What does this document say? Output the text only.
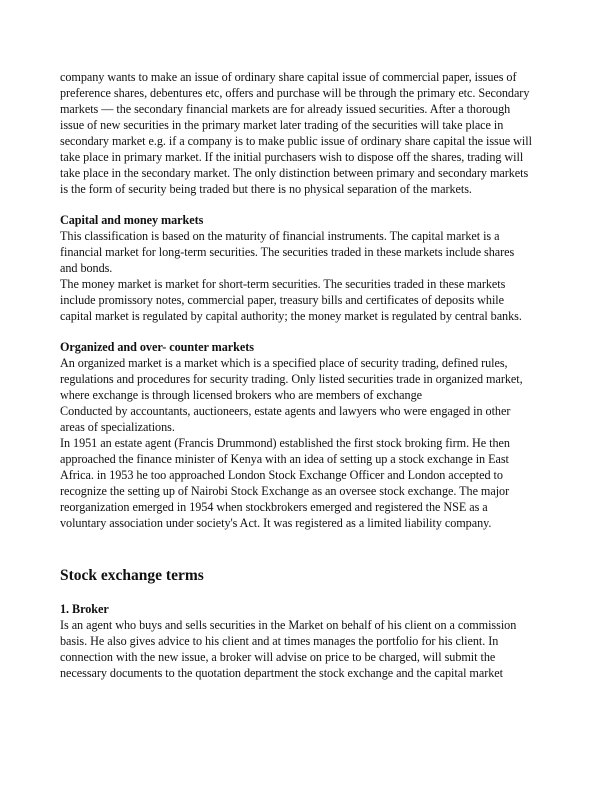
company wants to make an issue of ordinary share capital issue of commercial paper, issues of
preference shares, debentures etc, offers and purchase will be through the primary etc. Secondary
markets — the secondary financial markets are for already issued securities. After a thorough
issue of new securities in the primary market later trading of the securities will take place in
secondary market e.g. if a company is to make public issue of ordinary share capital the issue will
take place in primary market. If the initial purchasers wish to dispose off the shares, trading will
take place in the secondary market. The only distinction between primary and secondary markets
is the form of security being traded but there is no physical separation of the markets.
Capital and money markets
This classification is based on the maturity of financial instruments. The capital market is a
financial market for long-term securities. The securities traded in these markets include shares
and bonds.
The money market is market for short-term securities. The securities traded in these markets
include promissory notes, commercial paper, treasury bills and certificates of deposits while
capital market is regulated by capital authority; the money market is regulated by central banks.
Organized and over- counter markets
An organized market is a market which is a specified place of security trading, defined rules,
regulations and procedures for security trading. Only listed securities trade in organized market,
where exchange is through licensed brokers who are members of exchange
Conducted by accountants, auctioneers, estate agents and lawyers who were engaged in other
areas of specializations.
In 1951 an estate agent (Francis Drummond) established the first stock broking firm. He then
approached the finance minister of Kenya with an idea of setting up a stock exchange in East
Africa. in 1953 he too approached London Stock Exchange Officer and London accepted to
recognize the setting up of Nairobi Stock Exchange as an oversee stock exchange. The major
reorganization emerged in 1954 when stockbrokers emerged and registered the NSE as a
voluntary association under society's Act. It was registered as a limited liability company.
Stock exchange terms
1. Broker
Is an agent who buys and sells securities in the Market on behalf of his client on a commission
basis. He also gives advice to his client and at times manages the portfolio for his client. In
connection with the new issue, a broker will advise on price to be charged, will submit the
necessary documents to the quotation department the stock exchange and the capital market
